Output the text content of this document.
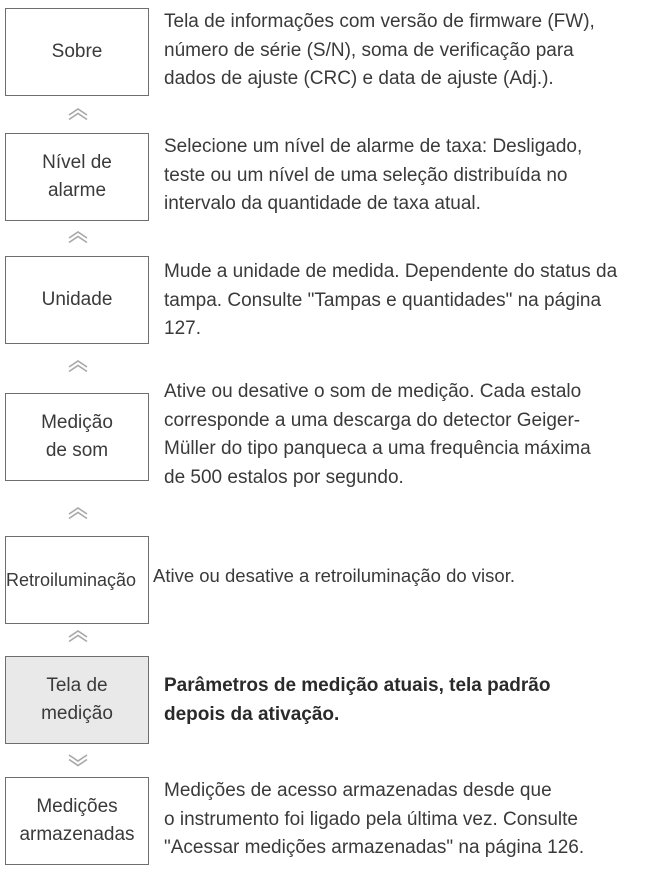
Sobre
Tela de informações com versão de firmware (FW),
número de série (S/N), soma de verificação para
dados de ajuste (CRC) e data de ajuste (Adj.).
Nível de
alarme
Selecione um nível de alarme de taxa: Desligado,
teste ou um nível de uma seleção distribuída no
intervalo da quantidade de taxa atual.
Unidade
Mude a unidade de medida. Dependente do status da
tampa. Consulte "Tampas e quantidades" na página
127.
Medição
de som
Ative ou desative o som de medição. Cada estalo
corresponde a uma descarga do detector Geiger-
Müller do tipo panqueca a uma frequência máxima
de 500 estalos por segundo.
Retroiluminação Ative ou desative a retroiluminação do visor.
Tela de
medição
Parâmetros de medição atuais, tela padrão
depois da ativação.
Medições
armazenadas
Medições de acesso armazenadas desde que
o instrumento foi ligado pela última vez. Consulte
"Acessar medições armazenadas" na página 126.
